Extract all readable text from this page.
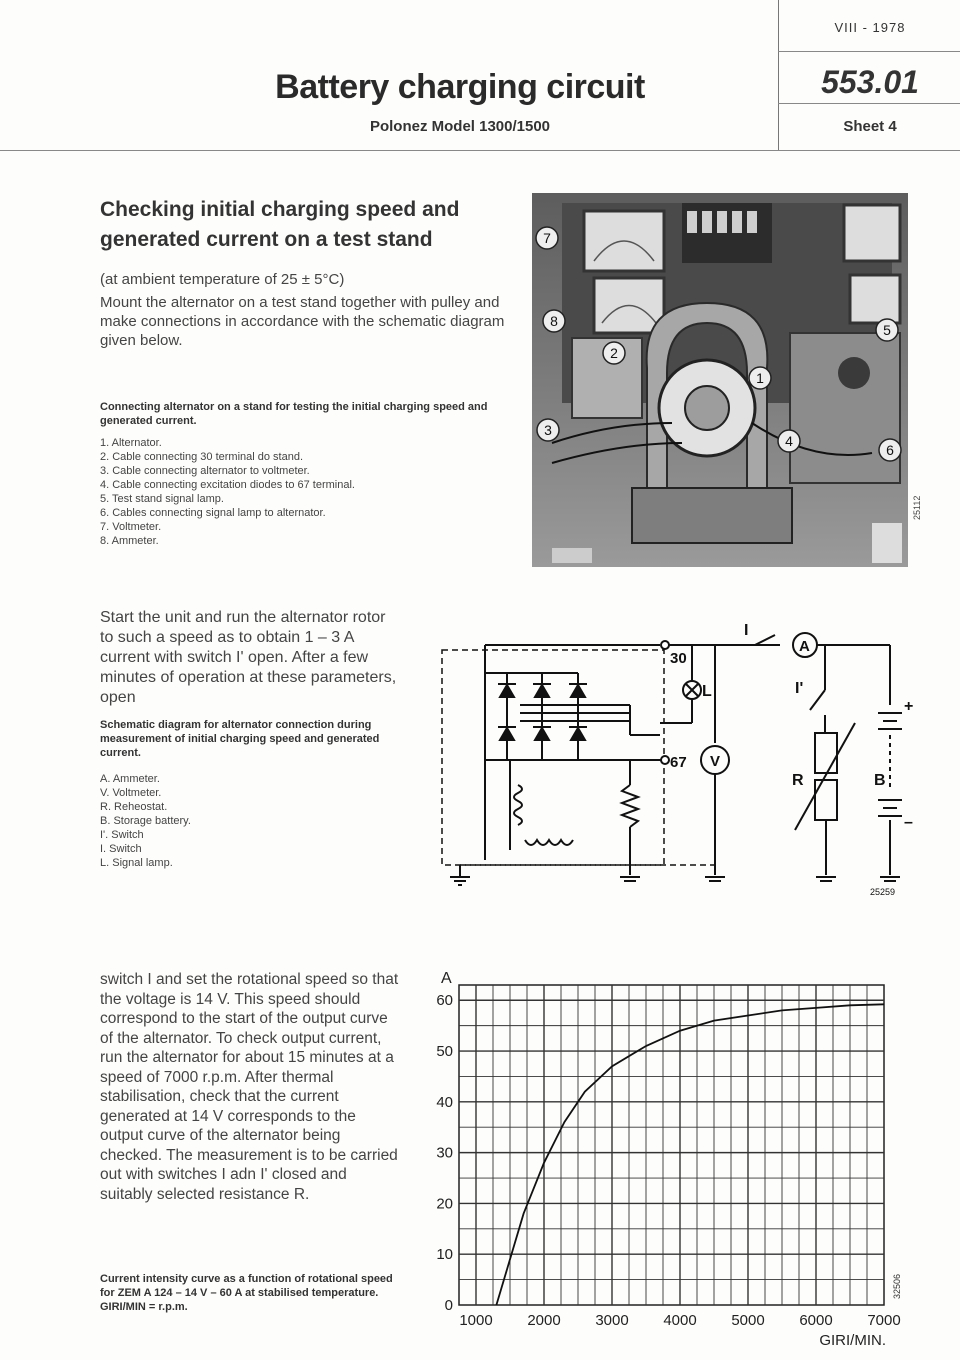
Battery charging circuit
Polonez Model 1300/1500
VIII - 1978
553.01
Sheet 4
Checking initial charging speed and generated current on a test stand
(at ambient temperature of 25 ± 5°C)
Mount the alternator on a test stand together with pulley and make connections in accordance with the schematic diagram given below.
Connecting alternator on a stand for testing the initial charging speed and generated current.
1. Alternator.
2. Cable connecting 30 terminal do stand.
3. Cable connecting alternator to voltmeter.
4. Cable connecting excitation diodes to 67 terminal.
5. Test stand signal lamp.
6. Cables connecting signal lamp to alternator.
7. Voltmeter.
8. Ammeter.
Start the unit and run the alternator rotor to such a speed as to obtain 1 – 3 A current with switch I' open. After a few minutes of operation at these parameters, open
Schematic diagram for alternator connection during measurement of initial charging speed and generated current.
A. Ammeter.
V. Voltmeter.
R. Reheostat.
B. Storage battery.
I'. Switch
I. Switch
L. Signal lamp.
switch I and set the rotational speed so that the voltage is 14 V. This speed should correspond to the start of the output curve of the alternator. To check output current, run the alternator for about 15 minutes at a speed of 7000 r.p.m. After thermal stabilisation, check that the current generated at 14 V corresponds to the output curve of the alternator being checked. The measurement is to be carried out with switches I adn I' closed and suitably selected resistance R.
Current intensity curve as a function of rotational speed for ZEM A 124 – 14 V – 60 A at stabilised temperature. GIRI/MIN = r.p.m.
7
8
2
1
3
4
5
6
25112
30
L
67 V
A
R	B
I
I'
+
–
25259
0
10
20
30
40
50
60
1000 2000 3000 4000 5000 6000 7000
A
GIRI/MIN.
32506
